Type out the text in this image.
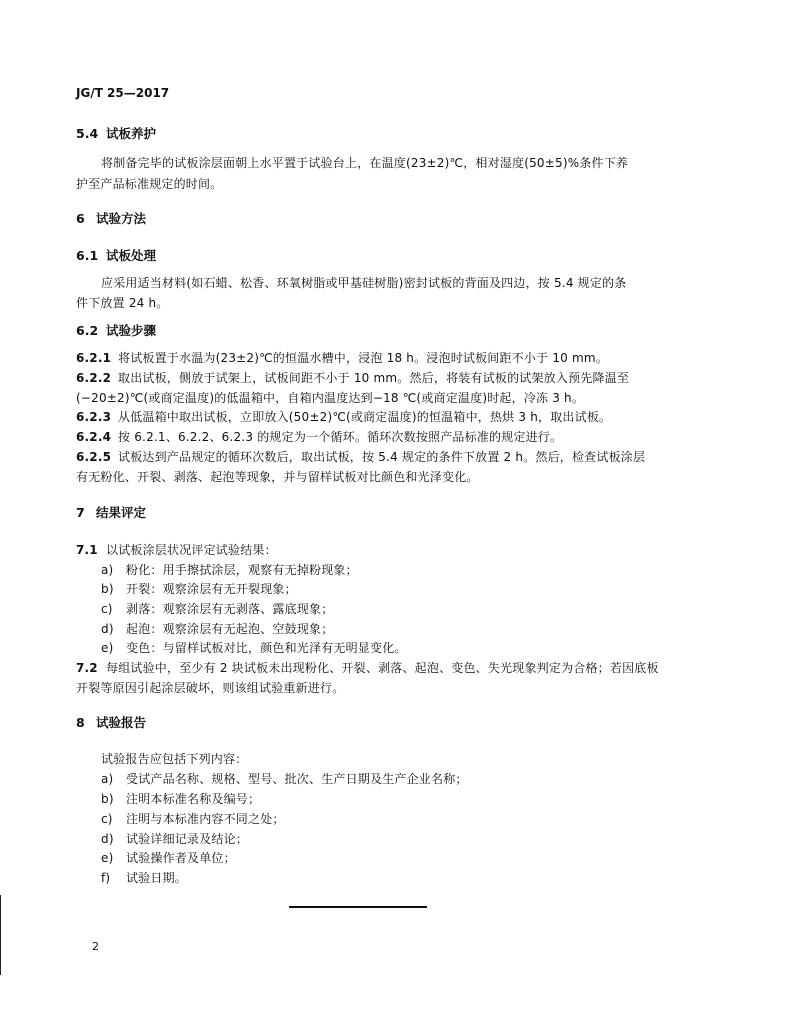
JG/T 25—2017
5.4 试板养护
将制备完毕的试板涂层面朝上水平置于试验台上，在温度(23±2)℃，相对湿度(50±5)%条件下养
护至产品标准规定的时间。
6 试验方法
6.1 试板处理
应采用适当材料(如石蜡、松香、环氧树脂或甲基硅树脂)密封试板的背面及四边，按 5.4 规定的条
件下放置 24 h。
6.2 试验步骤
6.2.1 将试板置于水温为(23±2)℃的恒温水槽中，浸泡 18 h。浸泡时试板间距不小于 10 mm。
6.2.2 取出试板，侧放于试架上，试板间距不小于 10 mm。然后，将装有试板的试架放入预先降温至
(−20±2)℃(或商定温度)的低温箱中，自箱内温度达到−18 ℃(或商定温度)时起，冷冻 3 h。
6.2.3 从低温箱中取出试板，立即放入(50±2)℃(或商定温度)的恒温箱中，热烘 3 h，取出试板。
6.2.4 按 6.2.1、6.2.2、6.2.3 的规定为一个循环。循环次数按照产品标准的规定进行。
6.2.5 试板达到产品规定的循环次数后，取出试板，按 5.4 规定的条件下放置 2 h。然后，检查试板涂层
有无粉化、开裂、剥落、起泡等现象，并与留样试板对比颜色和光泽变化。
7 结果评定
7.1 以试板涂层状况评定试验结果：
a) 粉化：用手擦拭涂层，观察有无掉粉现象；
b) 开裂：观察涂层有无开裂现象；
c) 剥落：观察涂层有无剥落、露底现象；
d) 起泡：观察涂层有无起泡、空鼓现象；
e) 变色：与留样试板对比，颜色和光泽有无明显变化。
7.2 每组试验中，至少有 2 块试板未出现粉化、开裂、剥落、起泡、变色、失光现象判定为合格；若因底板
开裂等原因引起涂层破坏，则该组试验重新进行。
8 试验报告
试验报告应包括下列内容：
a) 受试产品名称、规格、型号、批次、生产日期及生产企业名称；
b) 注明本标准名称及编号；
c) 注明与本标准内容不同之处；
d) 试验详细记录及结论；
e) 试验操作者及单位；
f) 试验日期。
2
